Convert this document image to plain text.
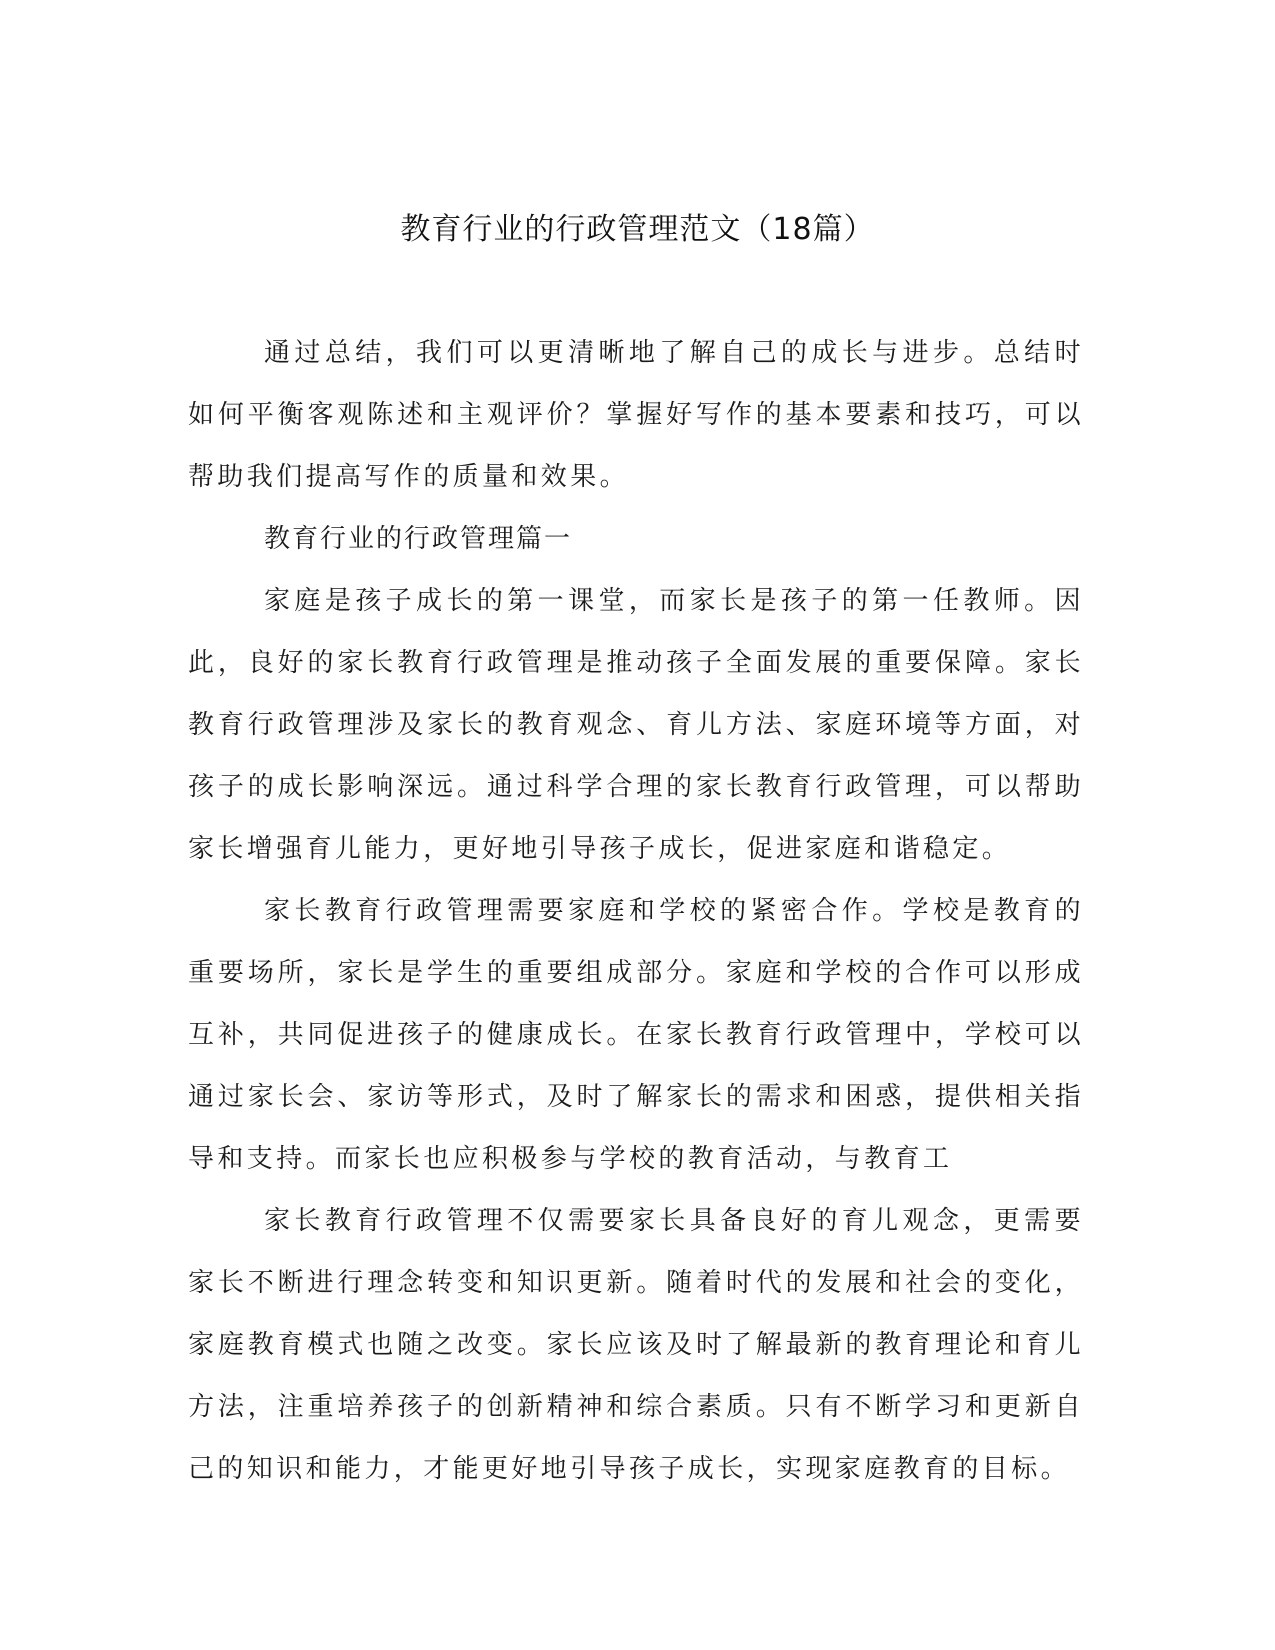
教育行业的行政管理范文（18篇）

通过总结，我们可以更清晰地了解自己的成长与进步。总结时如何平衡客观陈述和主观评价？掌握好写作的基本要素和技巧，可以帮助我们提高写作的质量和效果。

教育行业的行政管理篇一

家庭是孩子成长的第一课堂，而家长是孩子的第一任教师。因此，良好的家长教育行政管理是推动孩子全面发展的重要保障。家长教育行政管理涉及家长的教育观念、育儿方法、家庭环境等方面，对孩子的成长影响深远。通过科学合理的家长教育行政管理，可以帮助家长增强育儿能力，更好地引导孩子成长，促进家庭和谐稳定。

家长教育行政管理需要家庭和学校的紧密合作。学校是教育的重要场所，家长是学生的重要组成部分。家庭和学校的合作可以形成互补，共同促进孩子的健康成长。在家长教育行政管理中，学校可以通过家长会、家访等形式，及时了解家长的需求和困惑，提供相关指导和支持。而家长也应积极参与学校的教育活动，与教育工

家长教育行政管理不仅需要家长具备良好的育儿观念，更需要家长不断进行理念转变和知识更新。随着时代的发展和社会的变化，家庭教育模式也随之改变。家长应该及时了解最新的教育理论和育儿方法，注重培养孩子的创新精神和综合素质。只有不断学习和更新自己的知识和能力，才能更好地引导孩子成长，实现家庭教育的目标。
